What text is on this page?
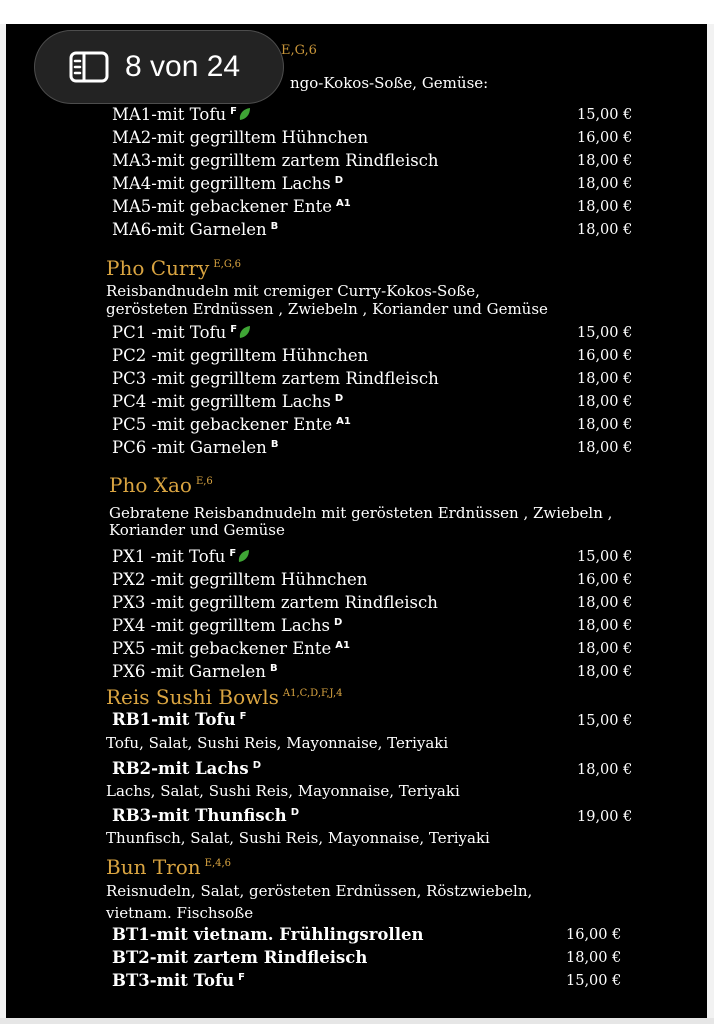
E,G,6
ngo-Kokos-Soße, Gemüse:
MA1-mit Tofu $^F$	15,00 €
MA2-mit gegrilltem Hühnchen	16,00 €
MA3-mit gegrilltem zartem Rindfleisch	18,00 €
MA4-mit gegrilltem Lachs $^D$	18,00 €
MA5-mit gebackener Ente $^{A1}$	18,00 €
MA6-mit Garnelen $^B$	18,00 €
Pho Curry $^{E,G,6}$
Reisbandnudeln mit cremiger Curry-Kokos-Soße,
gerösteten Erdnüssen , Zwiebeln , Koriander und Gemüse
PC1 -mit Tofu $^F$	15,00 €
PC2 -mit gegrilltem Hühnchen	16,00 €
PC3 -mit gegrilltem zartem Rindfleisch	18,00 €
PC4 -mit gegrilltem Lachs $^D$	18,00 €
PC5 -mit gebackener Ente $^{A1}$	18,00 €
PC6 -mit Garnelen $^B$	18,00 €
Pho Xao $^{E,6}$
Gebratene Reisbandnudeln mit gerösteten Erdnüssen , Zwiebeln ,
Koriander und Gemüse
PX1 -mit Tofu $^F$	15,00 €
PX2 -mit gegrilltem Hühnchen	16,00 €
PX3 -mit gegrilltem zartem Rindfleisch	18,00 €
PX4 -mit gegrilltem Lachs $^D$	18,00 €
PX5 -mit gebackener Ente $^{A1}$	18,00 €
PX6 -mit Garnelen $^B$	18,00 €
Reis Sushi Bowls $^{A1,C,D,F,J,4}$
RB1-mit Tofu $^F$	15,00 €
Tofu, Salat, Sushi Reis, Mayonnaise, Teriyaki
RB2-mit Lachs $^D$	18,00 €
Lachs, Salat, Sushi Reis, Mayonnaise, Teriyaki
RB3-mit Thunfisch $^D$	19,00 €
Thunfisch, Salat, Sushi Reis, Mayonnaise, Teriyaki
Bun Tron $^{E,4,6}$
Reisnudeln, Salat, gerösteten Erdnüssen, Röstzwiebeln,
vietnam. Fischsoße
BT1-mit vietnam. Frühlingsrollen	16,00 €
BT2-mit zartem Rindfleisch	18,00 €
BT3-mit Tofu $^F$	15,00 €
8 von 24
